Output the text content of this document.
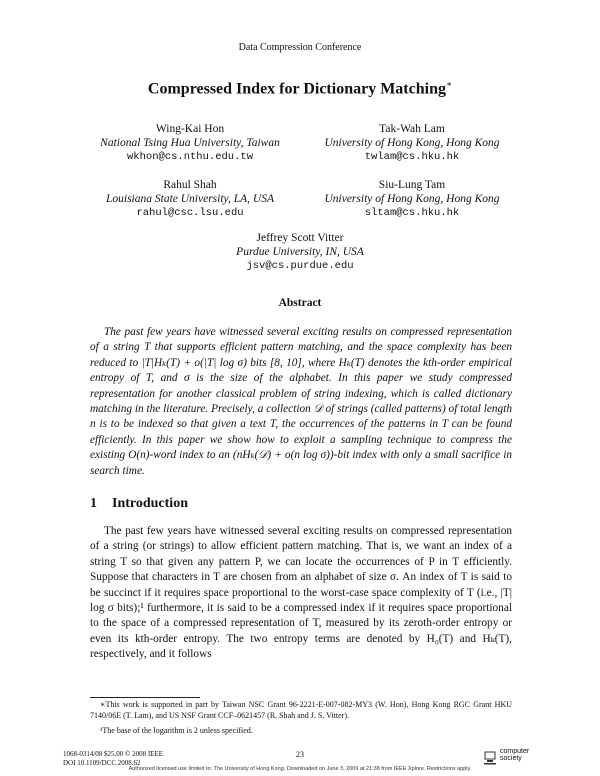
Data Compression Conference
Compressed Index for Dictionary Matching∗
Wing-Kai Hon
National Tsing Hua University, Taiwan
wkhon@cs.nthu.edu.tw
Tak-Wah Lam
University of Hong Kong, Hong Kong
twlam@cs.hku.hk
Rahul Shah
Louisiana State University, LA, USA
rahul@csc.lsu.edu
Siu-Lung Tam
University of Hong Kong, Hong Kong
sltam@cs.hku.hk
Jeffrey Scott Vitter
Purdue University, IN, USA
jsv@cs.purdue.edu
Abstract
The past few years have witnessed several exciting results on compressed representation of a string T that supports efficient pattern matching, and the space complexity has been reduced to |T|Hₖ(T) + o(|T| log σ) bits [8, 10], where Hₖ(T) denotes the kth-order empirical entropy of T, and σ is the size of the alphabet. In this paper we study compressed representation for another classical problem of string indexing, which is called dictionary matching in the literature. Precisely, a collection 𝒟 of strings (called patterns) of total length n is to be indexed so that given a text T, the occurrences of the patterns in T can be found efficiently. In this paper we show how to exploit a sampling technique to compress the existing O(n)-word index to an (nHₖ(𝒟) + o(n log σ))-bit index with only a small sacrifice in search time.
1 Introduction
The past few years have witnessed several exciting results on compressed representation of a string (or strings) to allow efficient pattern matching. That is, we want an index of a string T so that given any pattern P, we can locate the occurrences of P in T efficiently. Suppose that characters in T are chosen from an alphabet of size σ. An index of T is said to be succinct if it requires space proportional to the worst-case space complexity of T (i.e., |T| log σ bits);¹ furthermore, it is said to be a compressed index if it requires space proportional to the space of a compressed representation of T, measured by its zeroth-order entropy or even its kth-order entropy. The two entropy terms are denoted by H₀(T) and Hₖ(T), respectively, and it follows
∗This work is supported in part by Taiwan NSC Grant 96-2221-E-007-082-MY3 (W. Hon), Hong Kong RGC Grant HKU 7140/06E (T. Lam), and US NSF Grant CCF–0621457 (R. Shah and J. S. Vitter).
¹The base of the logarithm is 2 unless specified.
1068-0314/08 $25.00 © 2008 IEEE
DOI 10.1109/DCC.2008.62
23	computer
society
Authorized licensed use limited to: The University of Hong Kong. Downloaded on June 3, 2009 at 21:38 from IEEE Xplore. Restrictions apply.
